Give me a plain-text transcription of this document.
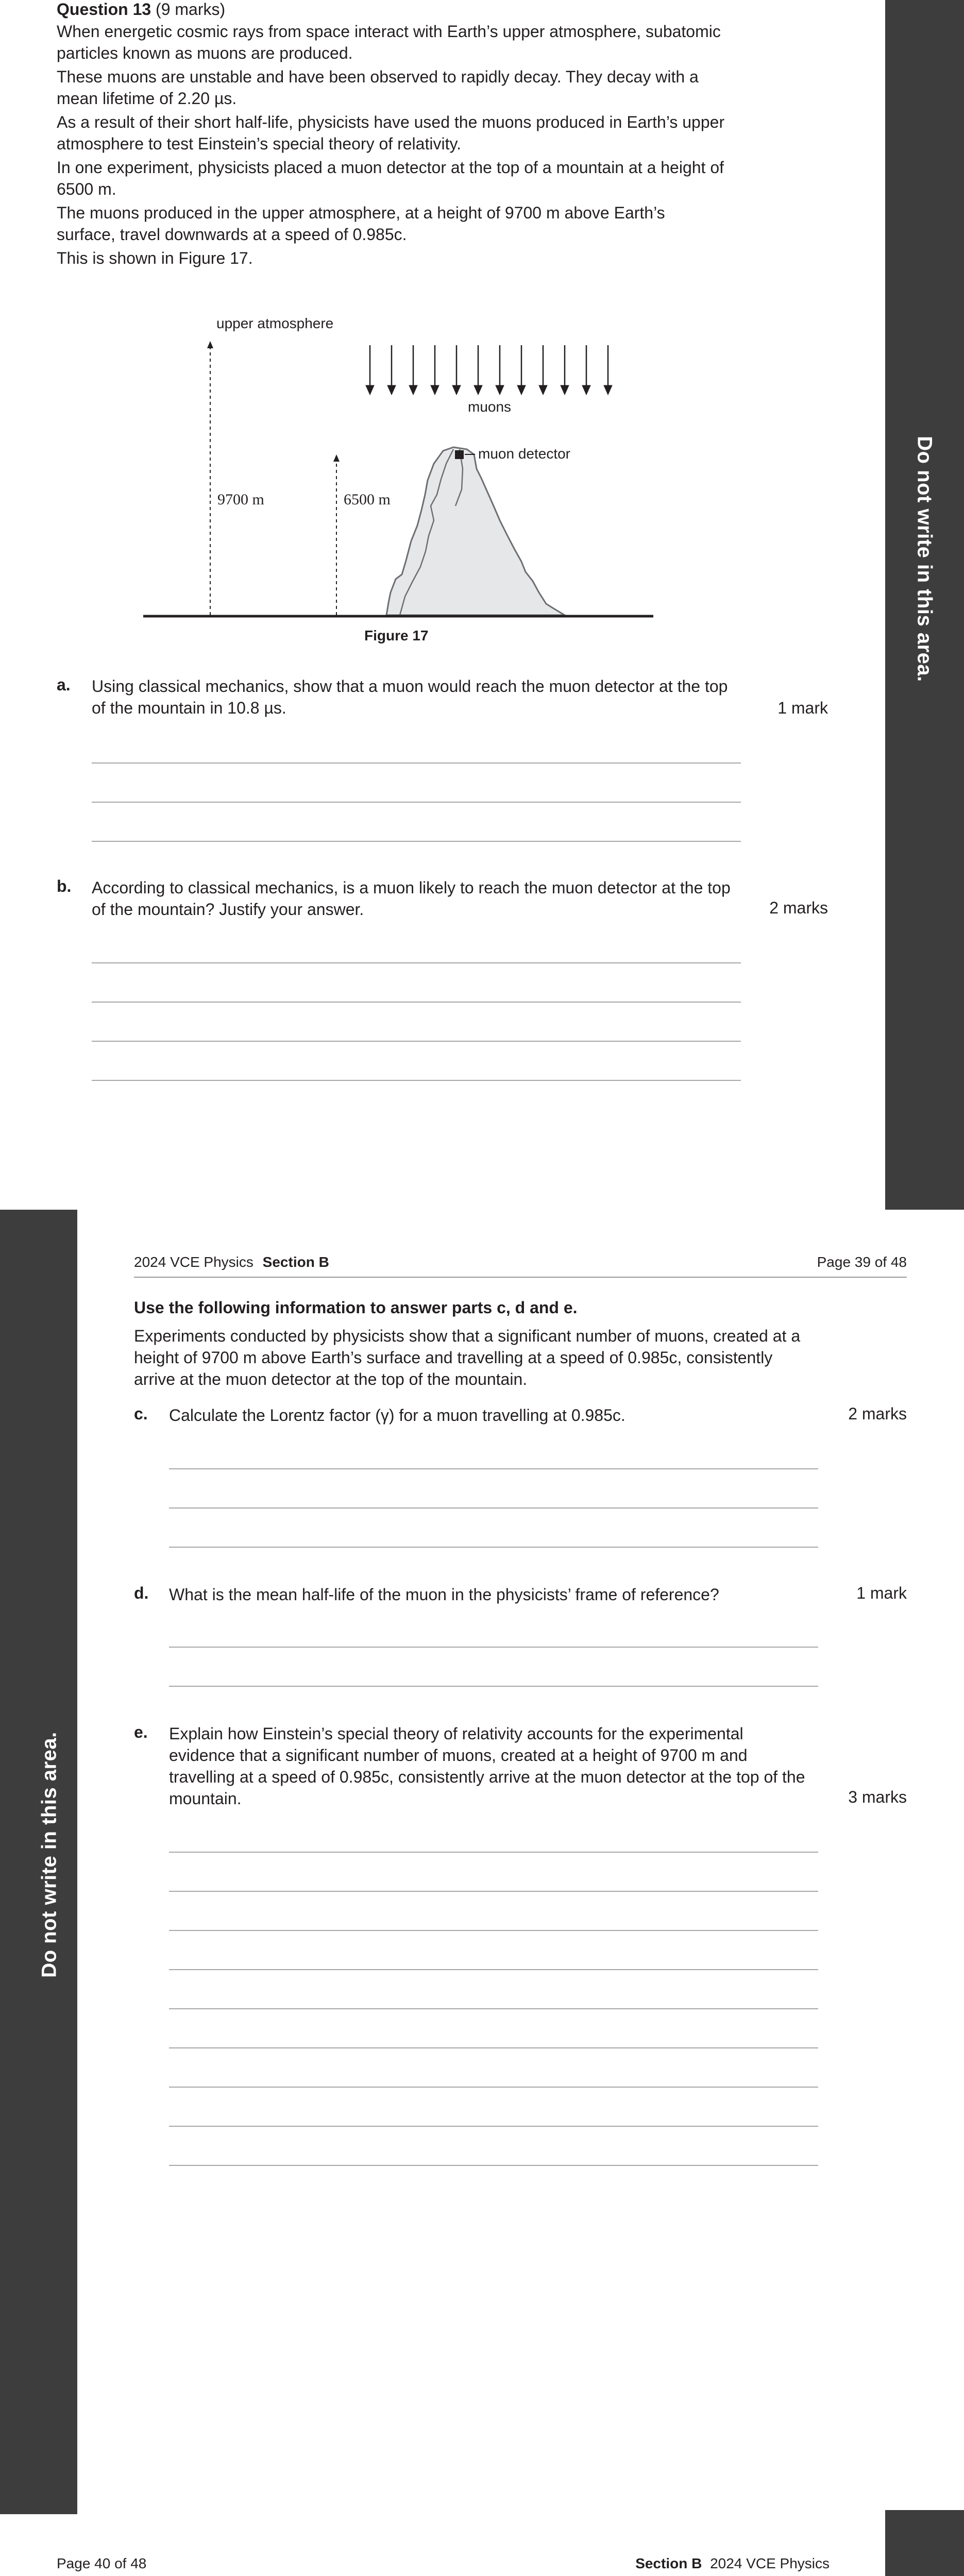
Do not write in this area.
Question 13 (9 marks)

When energetic cosmic rays from space interact with Earth’s upper atmosphere, subatomic particles known as muons are produced.

These muons are unstable and have been observed to rapidly decay. They decay with a mean lifetime of 2.20 µs.

As a result of their short half-life, physicists have used the muons produced in Earth’s upper atmosphere to test Einstein’s special theory of relativity.

In one experiment, physicists placed a muon detector at the top of a mountain at a height of 6500 m.

The muons produced in the upper atmosphere, at a height of 9700 m above Earth’s surface, travel downwards at a speed of 0.985c.

This is shown in Figure 17.

upper atmosphere
9700 m	6500 m
muons
muon detector
Figure 17
a. Using classical mechanics, show that a muon would reach the muon detector at the top of the mountain in 10.8 µs.	1 mark
b. According to classical mechanics, is a muon likely to reach the muon detector at the top of the mountain? Justify your answer.	2 marks
Do not write in this area.
2024 VCE Physics Section B	Page 39 of 48
Use the following information to answer parts c, d and e.

Experiments conducted by physicists show that a significant number of muons, created at a height of 9700 m above Earth’s surface and travelling at a speed of 0.985c, consistently arrive at the muon detector at the top of the mountain.

c. Calculate the Lorentz factor (γ) for a muon travelling at 0.985c.	2 marks
d. What is the mean half-life of the muon in the physicists’ frame of reference?	1 mark
e. Explain how Einstein’s special theory of relativity accounts for the experimental evidence that a significant number of muons, created at a height of 9700 m and travelling at a speed of 0.985c, consistently arrive at the muon detector at the top of the mountain.	3 marks
Page 40 of 48	Section B 2024 VCE Physics
